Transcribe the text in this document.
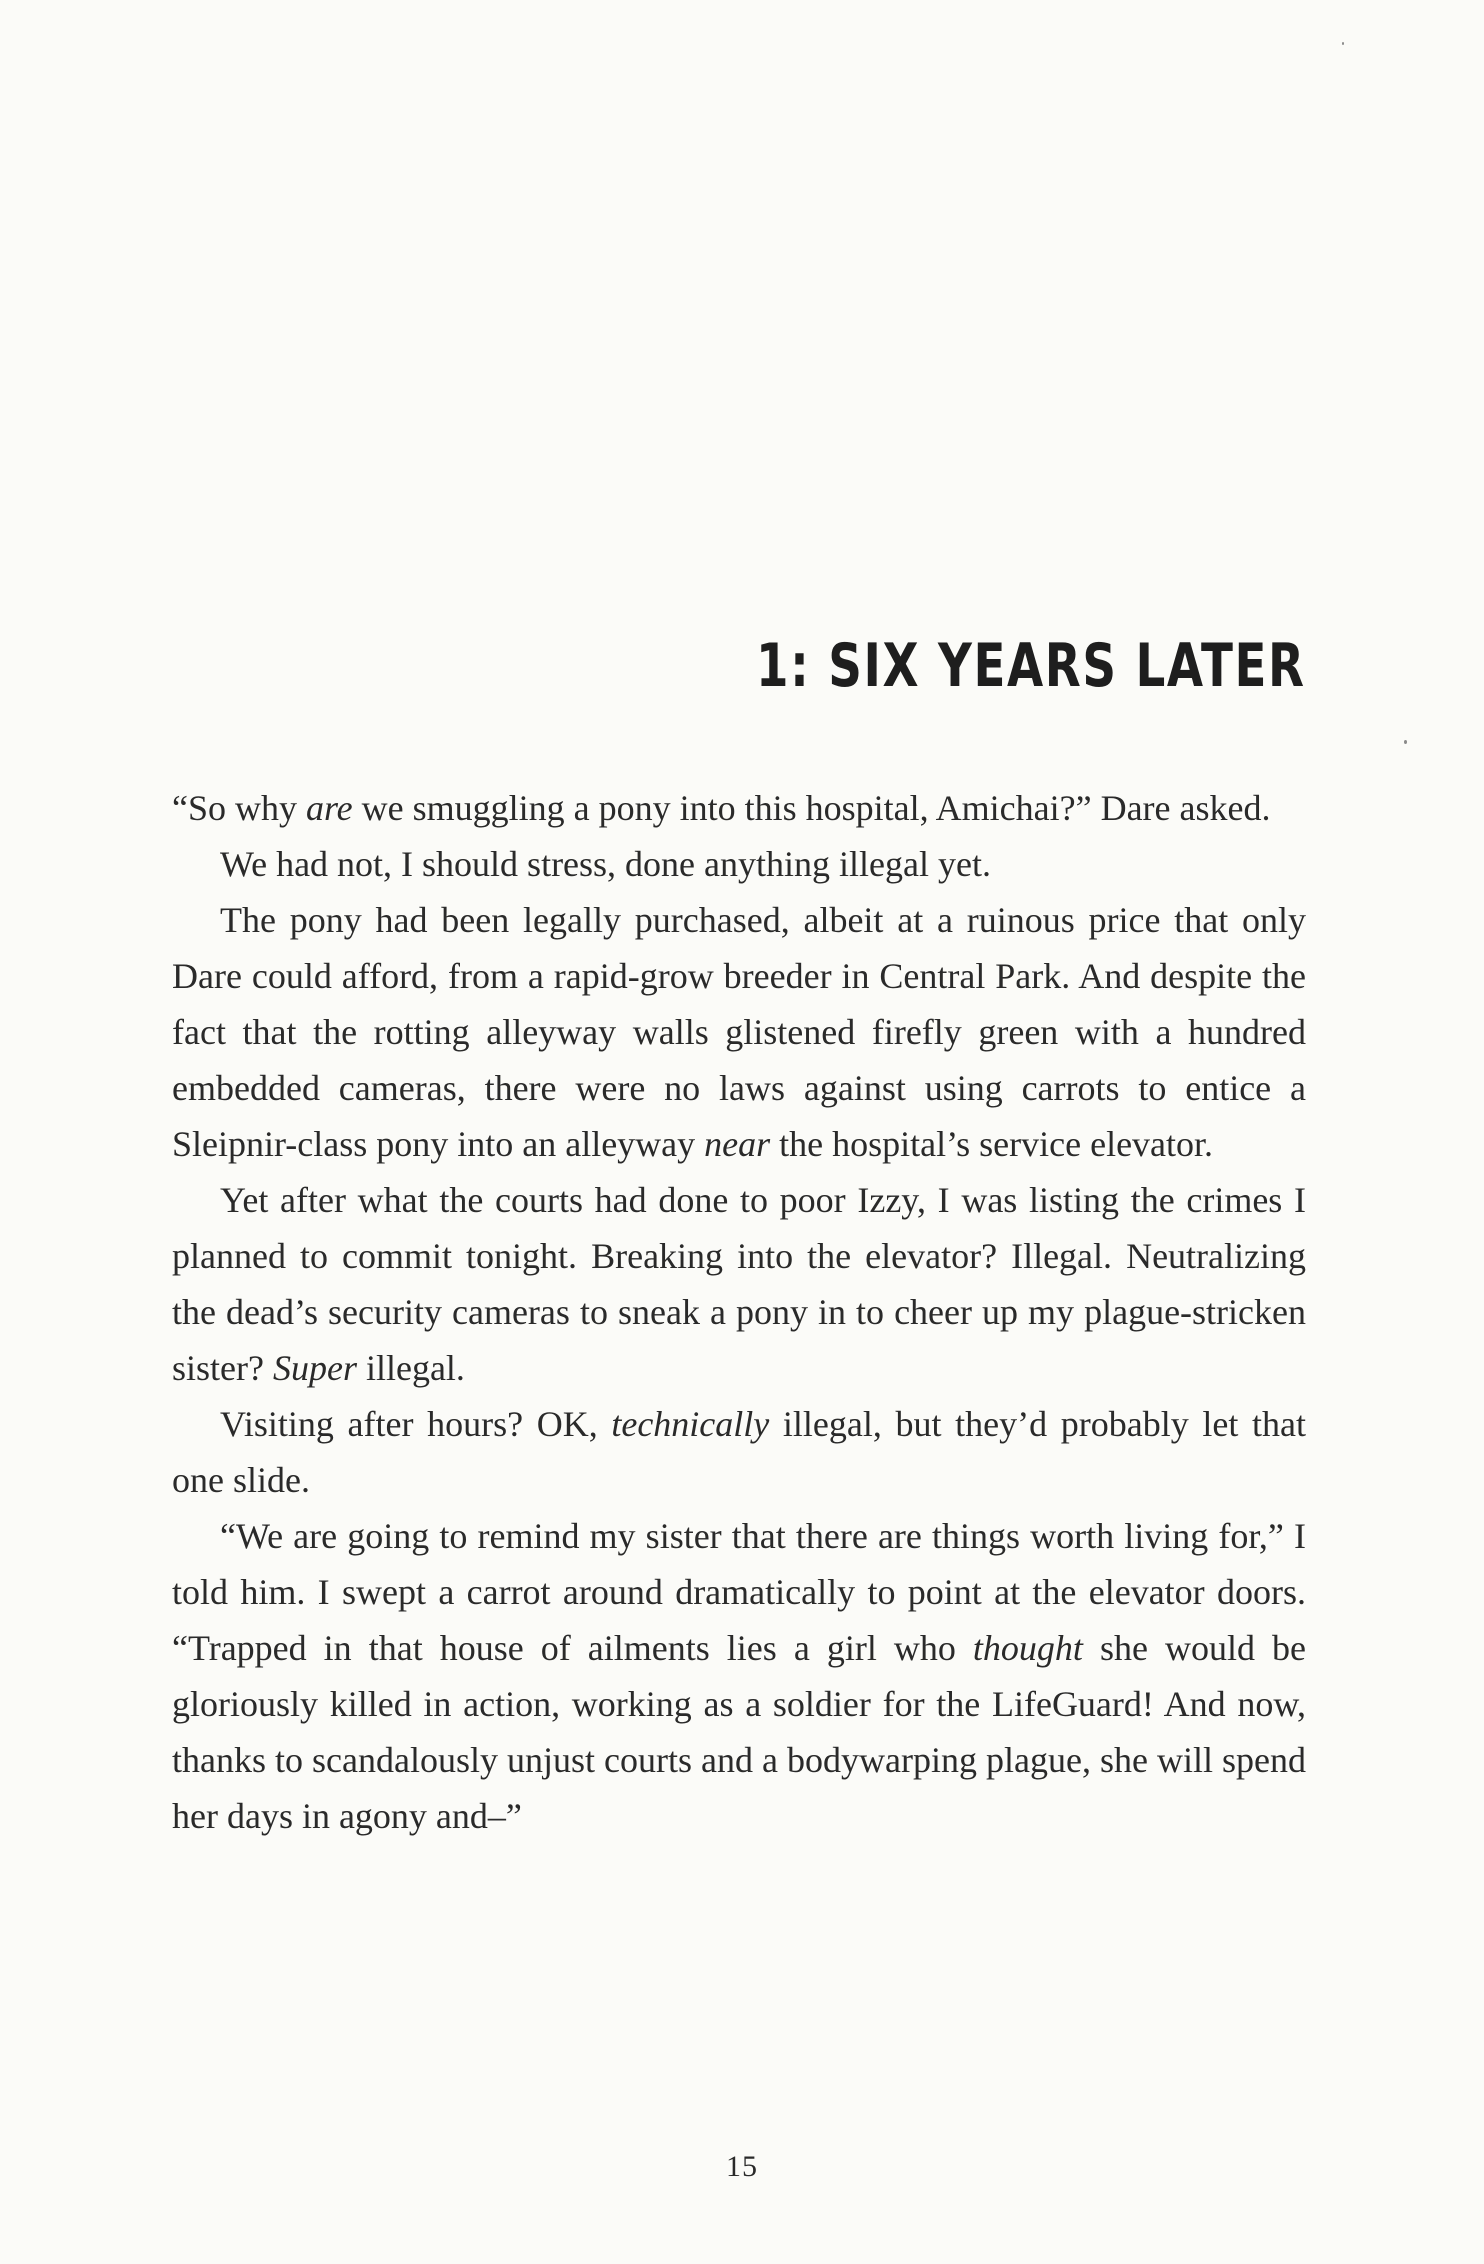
1: SIX YEARS LATER

“So why are we smuggling a pony into this hospital, Amichai?” Dare asked.

We had not, I should stress, done anything illegal yet.

The pony had been legally purchased, albeit at a ruinous price that only Dare could afford, from a rapid-grow breeder in Central Park. And despite the fact that the rotting alleyway walls glistened firefly green with a hundred embedded cameras, there were no laws against using carrots to entice a Sleipnir-class pony into an alleyway near the hospital’s service elevator.

Yet after what the courts had done to poor Izzy, I was listing the crimes I planned to commit tonight. Breaking into the elevator? Illegal. Neutralizing the dead’s security cameras to sneak a pony in to cheer up my plague-stricken sister? Super illegal.

Visiting after hours? OK, technically illegal, but they’d probably let that one slide.

“We are going to remind my sister that there are things worth living for,” I told him. I swept a carrot around dramatically to point at the elevator doors. “Trapped in that house of ailments lies a girl who thought she would be gloriously killed in action, working as a soldier for the LifeGuard! And now, thanks to scandalously unjust courts and a bodywarping plague, she will spend her days in agony and–”

15
